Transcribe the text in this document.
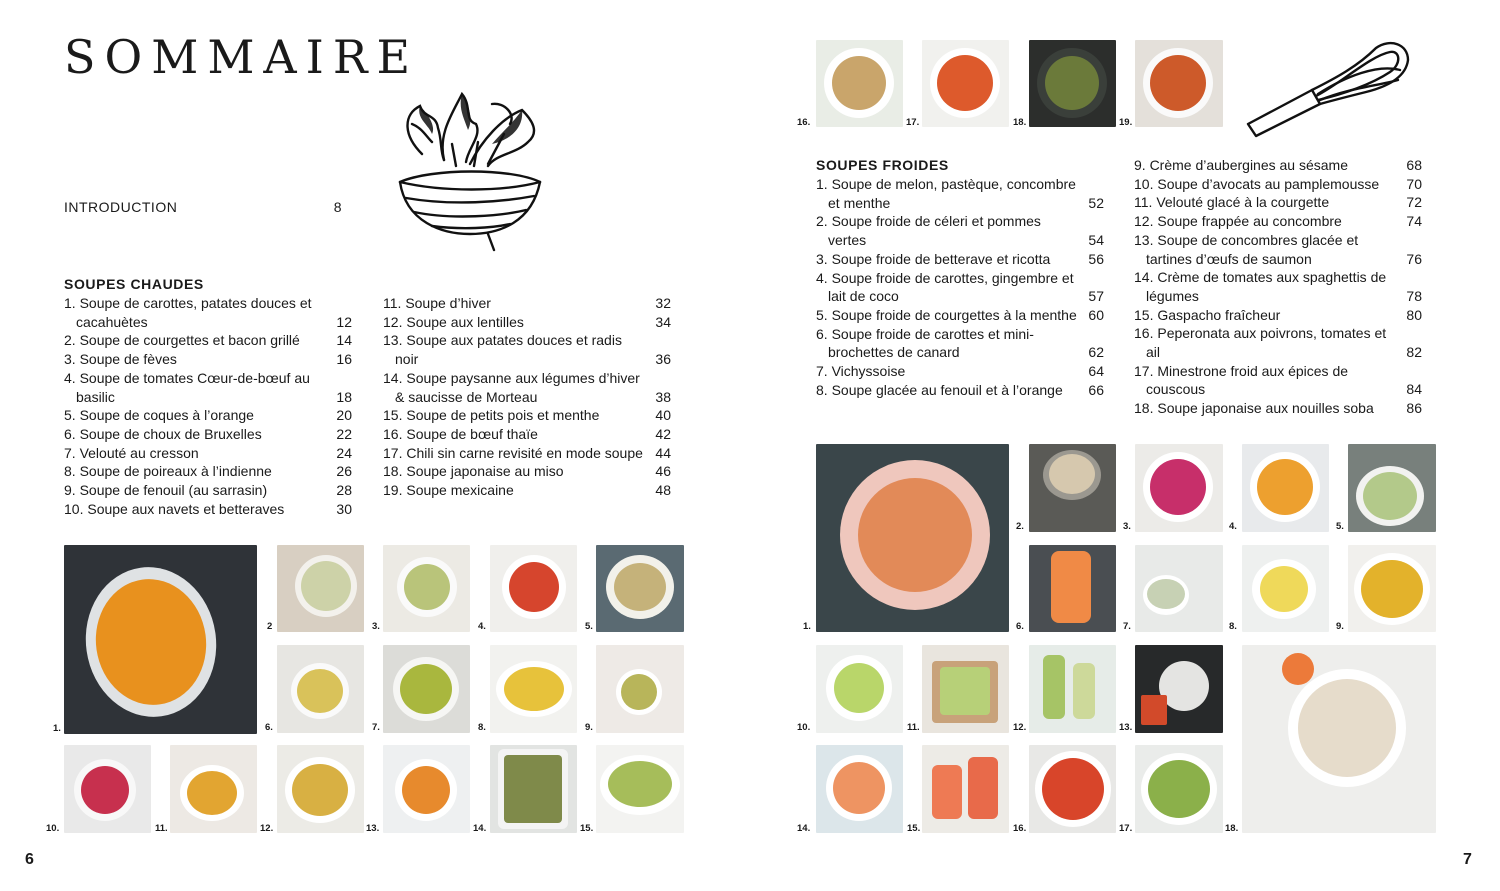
SOMMAIRE
INTRODUCTION	8
SOUPES CHAUDES
1. Soupe de carottes, patates douces et cacahuètes	12
2. Soupe de courgettes et bacon grillé	14
3. Soupe de fèves	16
4. Soupe de tomates Cœur-de-bœuf au basilic	18
5. Soupe de coques à l’orange	20
6. Soupe de choux de Bruxelles	22
7. Velouté au cresson	24
8. Soupe de poireaux à l’indienne	26
9. Soupe de fenouil (au sarrasin)	28
10. Soupe aux navets et betteraves	30
11. Soupe d’hiver	32
12. Soupe aux lentilles	34
13. Soupe aux patates douces et radis noir	36
14. Soupe paysanne aux légumes d’hiver & saucisse de Morteau	38
15. Soupe de petits pois et menthe	40
16. Soupe de bœuf thaïe	42
17. Chili sin carne revisité en mode soupe 44
18. Soupe japonaise au miso	46
19. Soupe mexicaine	48
1.
2	3.	4.	5.
6.	7.	8.	9.
10.	11.	12.	13.	14.	15.
6
16.	17.	18.	19.
SOUPES FROIDES
1. Soupe de melon, pastèque, concombre et menthe	52
2. Soupe froide de céleri et pommes vertes	54
3. Soupe froide de betterave et ricotta	56
4. Soupe froide de carottes, gingembre et lait de coco	57
5. Soupe froide de courgettes à la menthe 60
6. Soupe froide de carottes et mini-brochettes de canard	62
7. Vichyssoise	64
8. Soupe glacée au fenouil et à l’orange	66
9. Crème d’aubergines au sésame	68
10. Soupe d’avocats au pamplemousse	70
11. Velouté glacé à la courgette	72
12. Soupe frappée au concombre	74
13. Soupe de concombres glacée et tartines d’œufs de saumon	76
14. Crème de tomates aux spaghettis de légumes	78
15. Gaspacho fraîcheur	80
16. Peperonata aux poivrons, tomates et ail	82
17. Minestrone froid aux épices de couscous	84
18. Soupe japonaise aux nouilles soba	86
1.
2.	3.	4.	5.
6.	7.	8.	9.
10.	11.	12.	13.
14.	15.	16.	17.	18.
7
